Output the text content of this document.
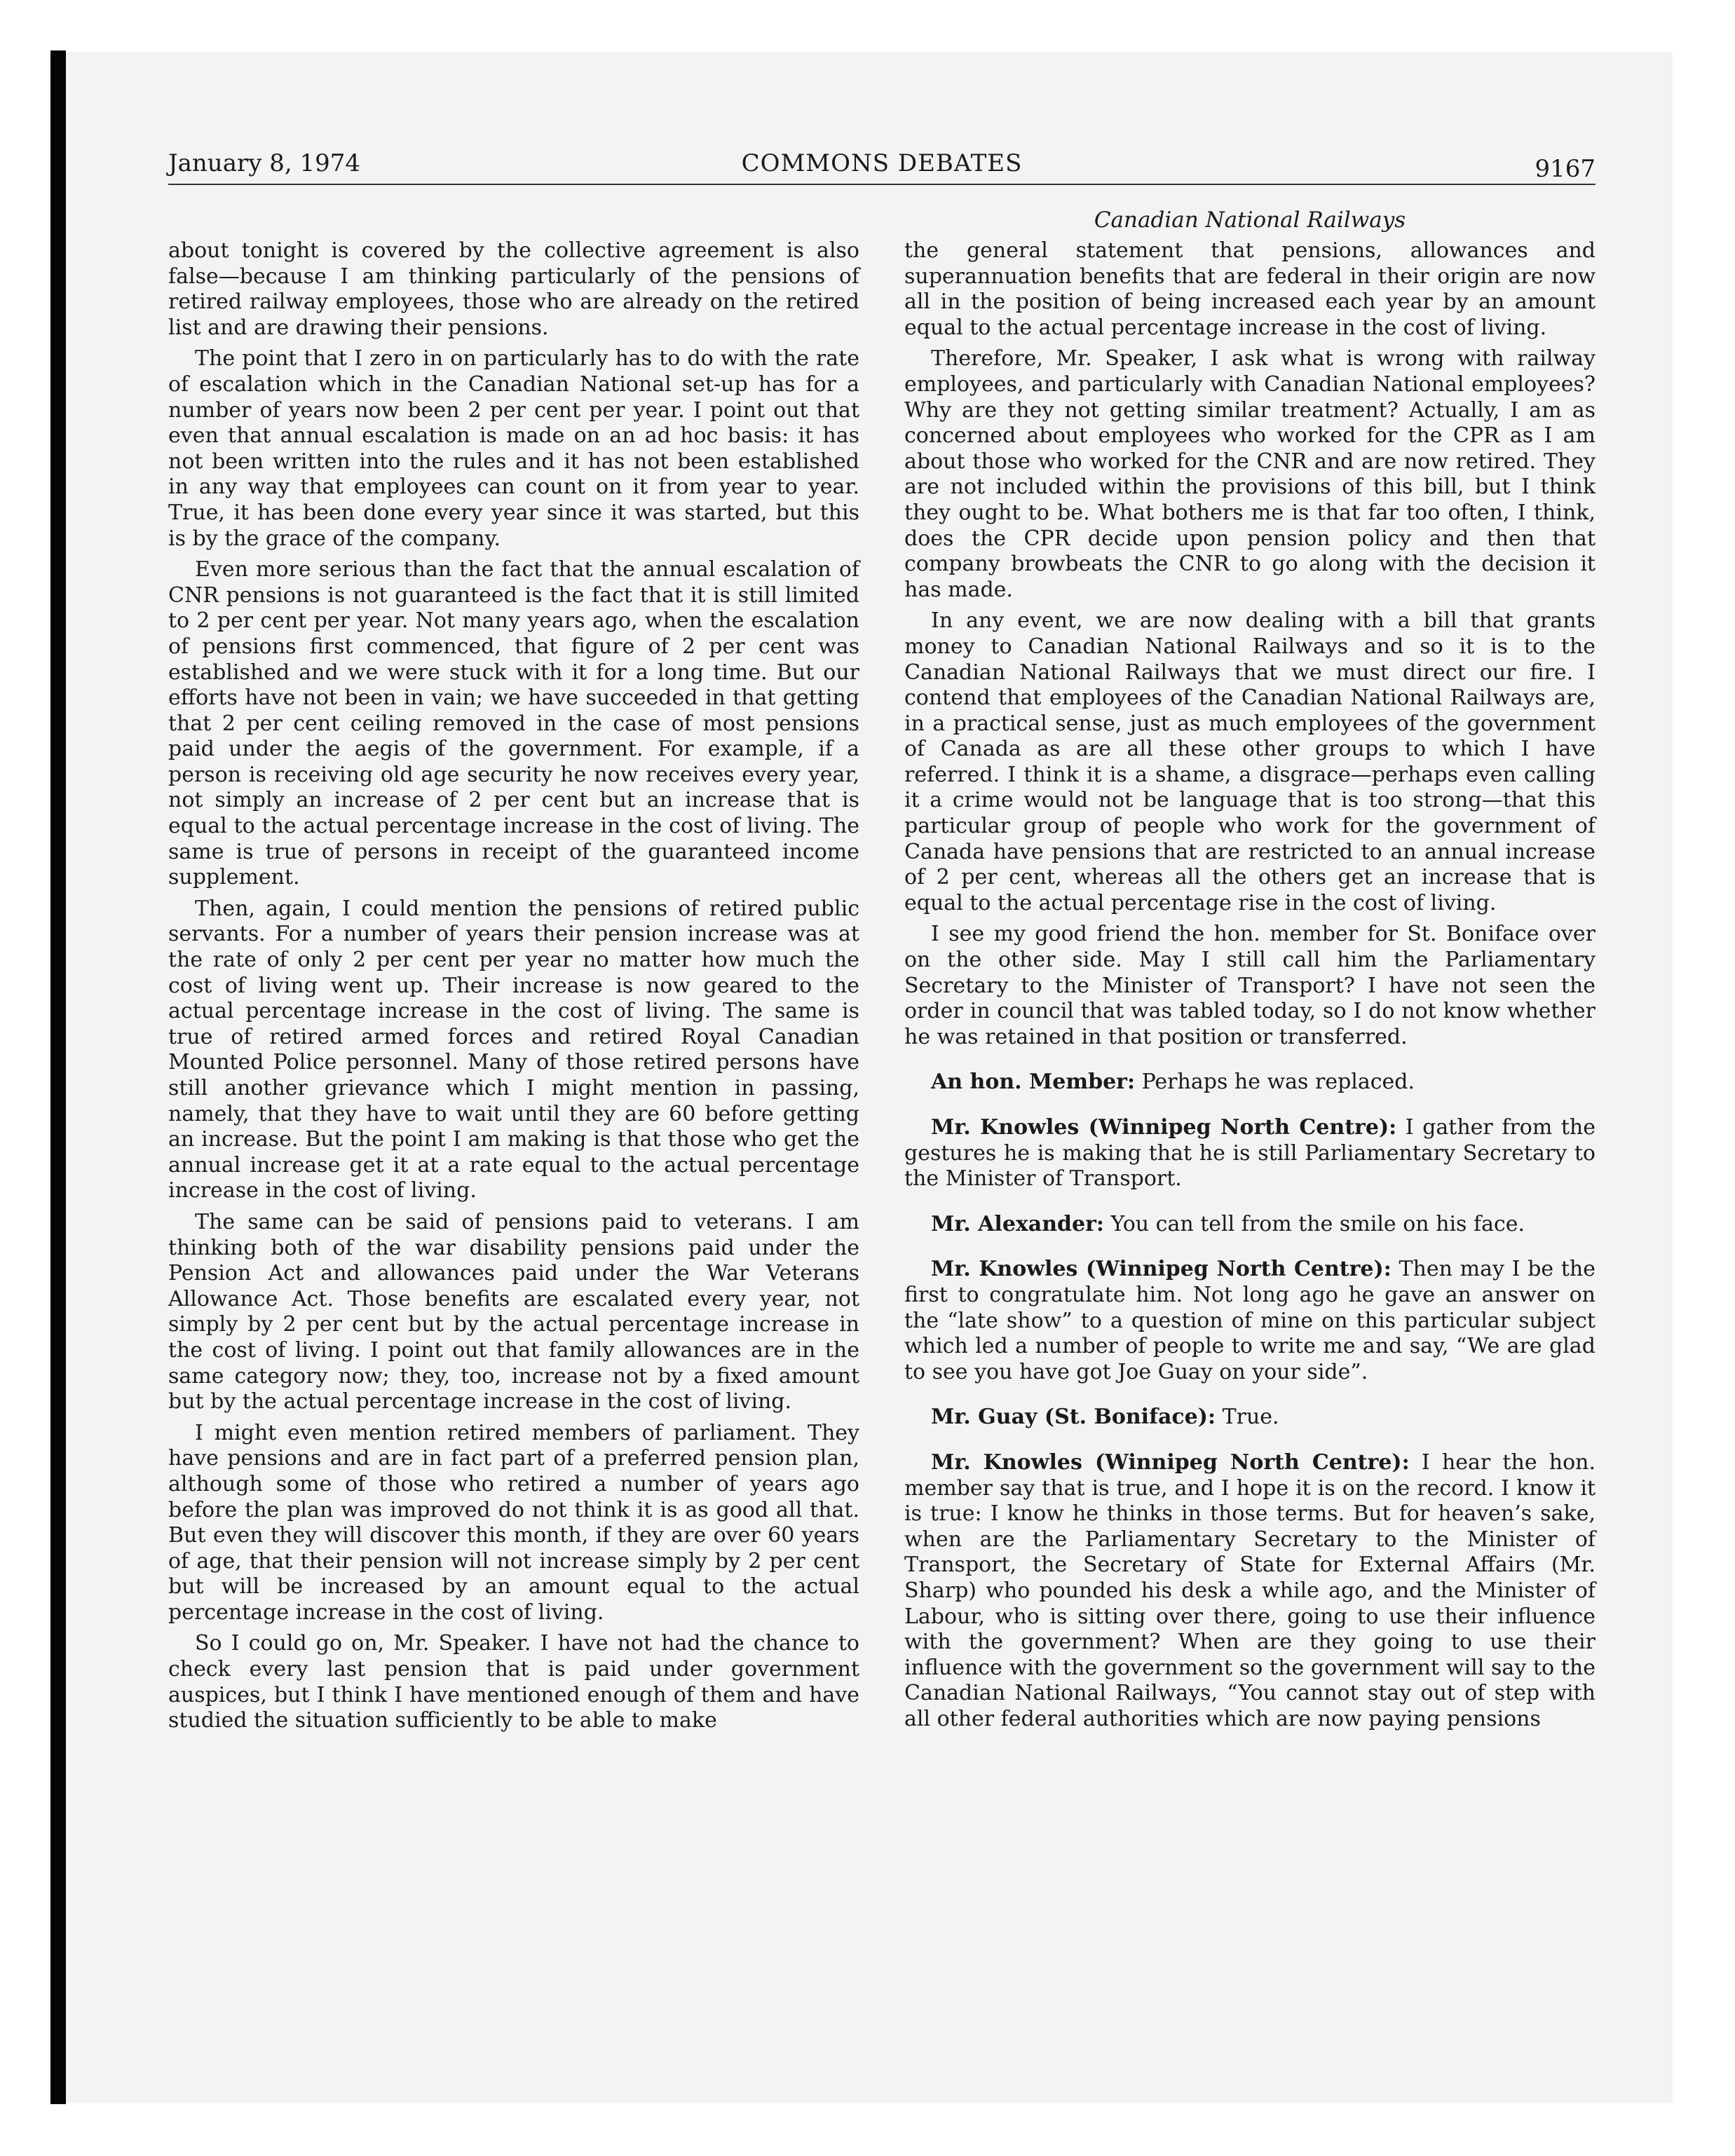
January 8, 1974	COMMONS DEBATES	9167
Canadian National Railways

about tonight is covered by the collective agreement is also false—because I am thinking particularly of the pensions of retired railway employees, those who are already on the retired list and are drawing their pensions.

The point that I zero in on particularly has to do with the rate of escalation which in the Canadian National set-up has for a number of years now been 2 per cent per year. I point out that even that annual escalation is made on an ad hoc basis: it has not been written into the rules and it has not been established in any way that employees can count on it from year to year. True, it has been done every year since it was started, but this is by the grace of the company.

Even more serious than the fact that the annual escalation of CNR pensions is not guaranteed is the fact that it is still limited to 2 per cent per year. Not many years ago, when the escalation of pensions first commenced, that figure of 2 per cent was established and we were stuck with it for a long time. But our efforts have not been in vain; we have succeeded in that getting that 2 per cent ceiling removed in the case of most pensions paid under the aegis of the government. For example, if a person is receiving old age security he now receives every year, not simply an increase of 2 per cent but an increase that is equal to the actual percentage increase in the cost of living. The same is true of persons in receipt of the guaranteed income supplement.

Then, again, I could mention the pensions of retired public servants. For a number of years their pension increase was at the rate of only 2 per cent per year no matter how much the cost of living went up. Their increase is now geared to the actual percentage increase in the cost of living. The same is true of retired armed forces and retired Royal Canadian Mounted Police personnel. Many of those retired persons have still another grievance which I might mention in passing, namely, that they have to wait until they are 60 before getting an increase. But the point I am making is that those who get the annual increase get it at a rate equal to the actual percentage increase in the cost of living.

The same can be said of pensions paid to veterans. I am thinking both of the war disability pensions paid under the Pension Act and allowances paid under the War Veterans Allowance Act. Those benefits are escalated every year, not simply by 2 per cent but by the actual percentage increase in the cost of living. I point out that family allowances are in the same category now; they, too, increase not by a fixed amount but by the actual percentage increase in the cost of living.

I might even mention retired members of parliament. They have pensions and are in fact part of a preferred pension plan, although some of those who retired a number of years ago before the plan was improved do not think it is as good all that. But even they will discover this month, if they are over 60 years of age, that their pension will not increase simply by 2 per cent but will be increased by an amount equal to the actual percentage increase in the cost of living.

So I could go on, Mr. Speaker. I have not had the chance to check every last pension that is paid under government auspices, but I think I have mentioned enough of them and have studied the situation sufficiently to be able to make

the general statement that pensions, allowances and superannuation benefits that are federal in their origin are now all in the position of being increased each year by an amount equal to the actual percentage increase in the cost of living.

Therefore, Mr. Speaker, I ask what is wrong with railway employees, and particularly with Canadian National employees? Why are they not getting similar treatment? Actually, I am as concerned about employees who worked for the CPR as I am about those who worked for the CNR and are now retired. They are not included within the provisions of this bill, but I think they ought to be. What bothers me is that far too often, I think, does the CPR decide upon pension policy and then that company browbeats the CNR to go along with the decision it has made.

In any event, we are now dealing with a bill that grants money to Canadian National Railways and so it is to the Canadian National Railways that we must direct our fire. I contend that employees of the Canadian National Railways are, in a practical sense, just as much employees of the government of Canada as are all these other groups to which I have referred. I think it is a shame, a disgrace—perhaps even calling it a crime would not be language that is too strong—that this particular group of people who work for the government of Canada have pensions that are restricted to an annual increase of 2 per cent, whereas all the others get an increase that is equal to the actual percentage rise in the cost of living.

I see my good friend the hon. member for St. Boniface over on the other side. May I still call him the Parliamentary Secretary to the Minister of Transport? I have not seen the order in council that was tabled today, so I do not know whether he was retained in that position or transferred.

An hon. Member: Perhaps he was replaced.

Mr. Knowles (Winnipeg North Centre): I gather from the gestures he is making that he is still Parliamentary Secretary to the Minister of Transport.

Mr. Alexander: You can tell from the smile on his face.

Mr. Knowles (Winnipeg North Centre): Then may I be the first to congratulate him. Not long ago he gave an answer on the “late show” to a question of mine on this particular subject which led a number of people to write me and say, “We are glad to see you have got Joe Guay on your side”.

Mr. Guay (St. Boniface): True.

Mr. Knowles (Winnipeg North Centre): I hear the hon. member say that is true, and I hope it is on the record. I know it is true: I know he thinks in those terms. But for heaven’s sake, when are the Parliamentary Secretary to the Minister of Transport, the Secretary of State for External Affairs (Mr. Sharp) who pounded his desk a while ago, and the Minister of Labour, who is sitting over there, going to use their influence with the government? When are they going to use their influence with the government so the government will say to the Canadian National Railways, “You cannot stay out of step with all other federal authorities which are now paying pensions
